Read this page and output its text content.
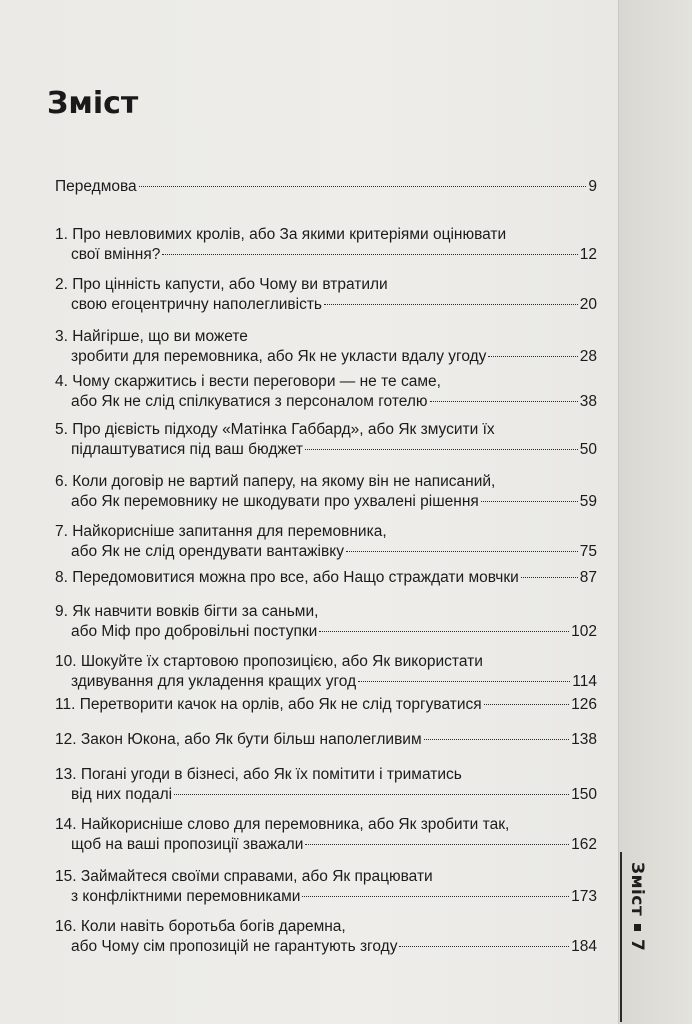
Зміст
7
Зміст
Передмова	9
1. Про невловимих кролів, або За якими критеріями оцінювати
свої вміння?	12
2. Про цінність капусти, або Чому ви втратили
свою егоцентричну наполегливість	20
3. Найгірше, що ви можете
зробити для перемовника, або Як не укласти вдалу угоду	28
4. Чому скаржитись і вести переговори — не те саме,
або Як не слід спілкуватися з персоналом готелю	38
5. Про дієвість підходу «Матінка Габбард», або Як змусити їх
підлаштуватися під ваш бюджет	50
6. Коли договір не вартий паперу, на якому він не написаний,
або Як перемовнику не шкодувати про ухвалені рішення	59
7. Найкорисніше запитання для перемовника,
або Як не слід орендувати вантажівку	75
8. Передомовитися можна про все, або Нащо страждати мовчки	87
9. Як навчити вовків бігти за саньми,
або Міф про добровільні поступки	102
10. Шокуйте їх стартовою пропозицією, або Як використати
здивування для укладення кращих угод	114
11. Перетворити качок на орлів, або Як не слід торгуватися	126
12. Закон Юкона, або Як бути більш наполегливим	138
13. Погані угоди в бізнесі, або Як їх помітити і триматись
від них подалі	150
14. Найкорисніше слово для перемовника, або Як зробити так,
щоб на ваші пропозиції зважали	162
15. Займайтеся своїми справами, або Як працювати
з конфліктними перемовниками	173
16. Коли навіть боротьба богів даремна,
або Чому сім пропозицій не гарантують згоду	184
